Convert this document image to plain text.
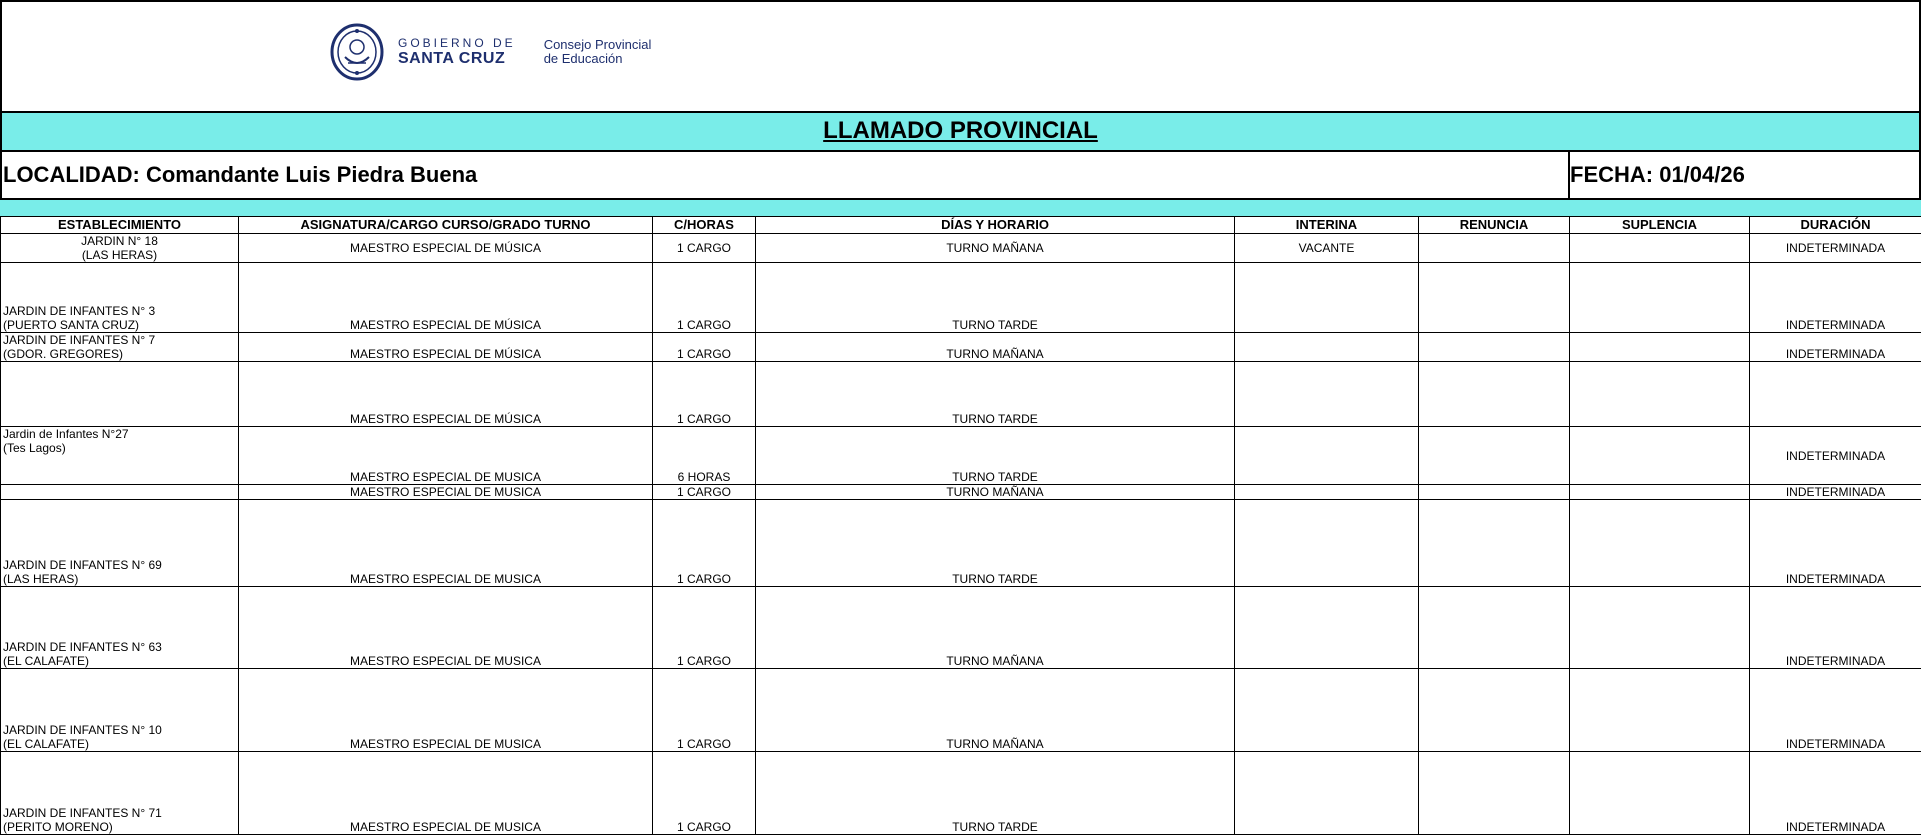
GOBIERNO DE
SANTA CRUZ
Consejo Provincial
de Educación
LLAMADO PROVINCIAL
LOCALIDAD: Comandante Luis Piedra Buena	FECHA: 01/04/26
ESTABLECIMIENTO	ASIGNATURA/CARGO CURSO/GRADO TURNO	C/HORAS	DÍAS Y HORARIO	INTERINA	RENUNCIA	SUPLENCIA	DURACIÓN

JARDIN N° 18
(LAS HERAS)	MAESTRO ESPECIAL DE MÚSICA	1 CARGO	TURNO MAÑANA	VACANTE			INDETERMINADA

JARDIN DE INFANTES N° 3
(PUERTO SANTA CRUZ)	MAESTRO ESPECIAL DE MÚSICA	1 CARGO	TURNO TARDE				INDETERMINADA

JARDIN DE INFANTES N° 7
(GDOR. GREGORES)	MAESTRO ESPECIAL DE MÚSICA	1 CARGO	TURNO MAÑANA				INDETERMINADA

	MAESTRO ESPECIAL DE MÚSICA	1 CARGO	TURNO TARDE				

Jardin de Infantes N°27
(Tes Lagos)	MAESTRO ESPECIAL DE MUSICA	6 HORAS	TURNO TARDE				INDETERMINADA

	MAESTRO ESPECIAL DE MUSICA	1 CARGO	TURNO MAÑANA				INDETERMINADA

JARDIN DE INFANTES N° 69
(LAS HERAS)	MAESTRO ESPECIAL DE MUSICA	1 CARGO	TURNO TARDE				INDETERMINADA

JARDIN DE INFANTES N° 63
(EL CALAFATE)	MAESTRO ESPECIAL DE MUSICA	1 CARGO	TURNO MAÑANA				INDETERMINADA

JARDIN DE INFANTES N° 10
(EL CALAFATE)	MAESTRO ESPECIAL DE MUSICA	1 CARGO	TURNO MAÑANA				INDETERMINADA

JARDIN DE INFANTES N° 71
(PERITO MORENO)	MAESTRO ESPECIAL DE MUSICA	1 CARGO	TURNO TARDE				INDETERMINADA
